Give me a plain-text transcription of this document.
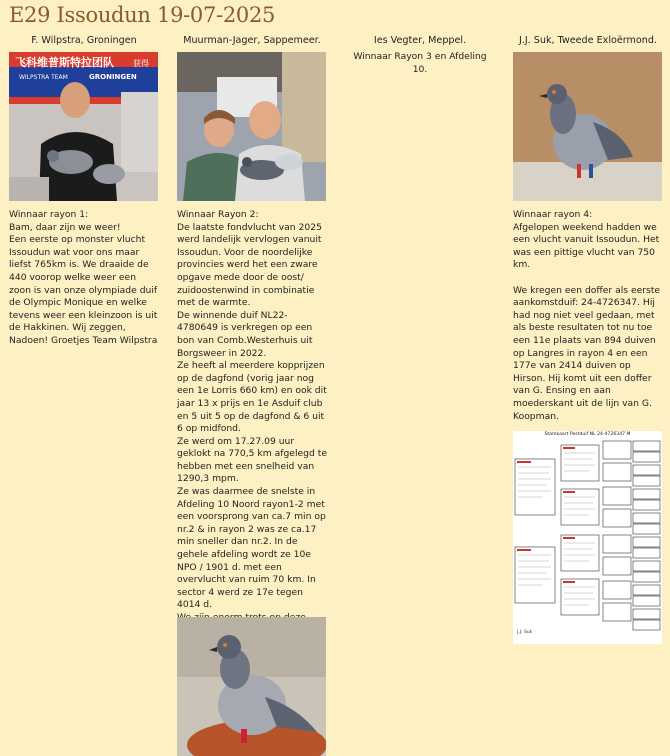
E29 Issoudun 19-07-2025
F. Wilpstra, Groningen
飞科维普斯特拉团队
WILPSTRA TEAM	GRONINGEN
获得
Winnaar rayon 1:
Bam, daar zijn we weer!
Een eerste op monster vlucht Issoudun wat voor ons maar liefst 765km is. We draaide de 440 voorop welke weer een zoon is van onze olympiade duif de Olympic Monique en welke tevens weer een kleinzoon is uit de Hakkinen. Wij zeggen, Nadoen! Groetjes Team Wilpstra
Muurman-Jager, Sappemeer.
Winnaar Rayon 2:
De laatste fondvlucht van 2025 werd landelijk vervlogen vanuit Issoudun. Voor de noordelijke provincies werd het een zware opgave mede door de oost/ zuidoostenwind in combinatie met de warmte.
De winnende duif NL22-4780649 is verkregen op een bon van Comb.Westerhuis uit Borgsweer in 2022.
Ze heeft al meerdere kopprijzen op de dagfond (vorig jaar nog een 1e Lorris 660 km) en ook dit jaar 13 x prijs en 1e Asduif club en 5 uit 5 op de dagfond & 6 uit 6 op midfond.
Ze werd om 17.27.09 uur geklokt na 770,5 km afgelegd te hebben met een snelheid van 1290,3 mpm.
Ze was daarmee de snelste in Afdeling 10 Noord rayon1-2 met een voorsprong van ca.7 min op nr.2 & in rayon 2 was ze ca.17 min sneller dan nr.2. In de gehele afdeling wordt ze 10e NPO / 1901 d. met een overvlucht van ruim 70 km. In sector 4 werd ze 17e tegen 4014 d.
Ies Vegter, Meppel.
Winnaar Rayon 3 en Afdeling 10.
J.J. Suk, Tweede Exloërmond.
Winnaar rayon 4:
Afgelopen weekend hadden we een vlucht vanuit Issoudun. Het was een pittige vlucht van 750 km.
We kregen een doffer als eerste aankomstduif: 24-4726347. Hij had nog niet veel gedaan, met als beste resultaten tot nu toe een 11e plaats van 894 duiven op Langres in rayon 4 en een 177e van 2414 duiven op Hirson. Hij komt uit een doffer van G. Ensing en aan moederskant uit de lijn van G. Koopman.
Stamkaart Postduif NL 24-4726347 M
J.J. Suk
